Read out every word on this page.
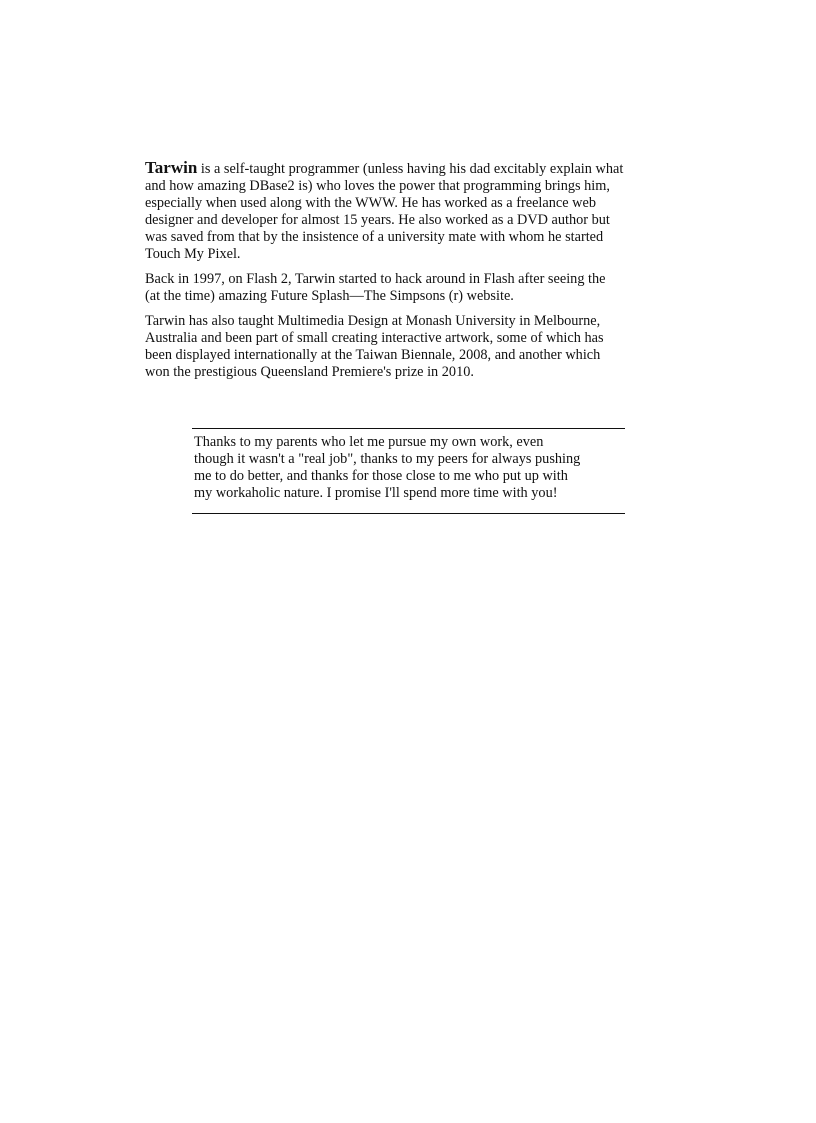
Tarwin is a self-taught programmer (unless having his dad excitably explain what
and how amazing DBase2 is) who loves the power that programming brings him,
especially when used along with the WWW. He has worked as a freelance web
designer and developer for almost 15 years. He also worked as a DVD author but
was saved from that by the insistence of a university mate with whom he started
Touch My Pixel.

Back in 1997, on Flash 2, Tarwin started to hack around in Flash after seeing the
(at the time) amazing Future Splash—The Simpsons (r) website.

Tarwin has also taught Multimedia Design at Monash University in Melbourne,
Australia and been part of small creating interactive artwork, some of which has
been displayed internationally at the Taiwan Biennale, 2008, and another which
won the prestigious Queensland Premiere's prize in 2010.

Thanks to my parents who let me pursue my own work, even
though it wasn't a "real job", thanks to my peers for always pushing
me to do better, and thanks for those close to me who put up with
my workaholic nature. I promise I'll spend more time with you!
